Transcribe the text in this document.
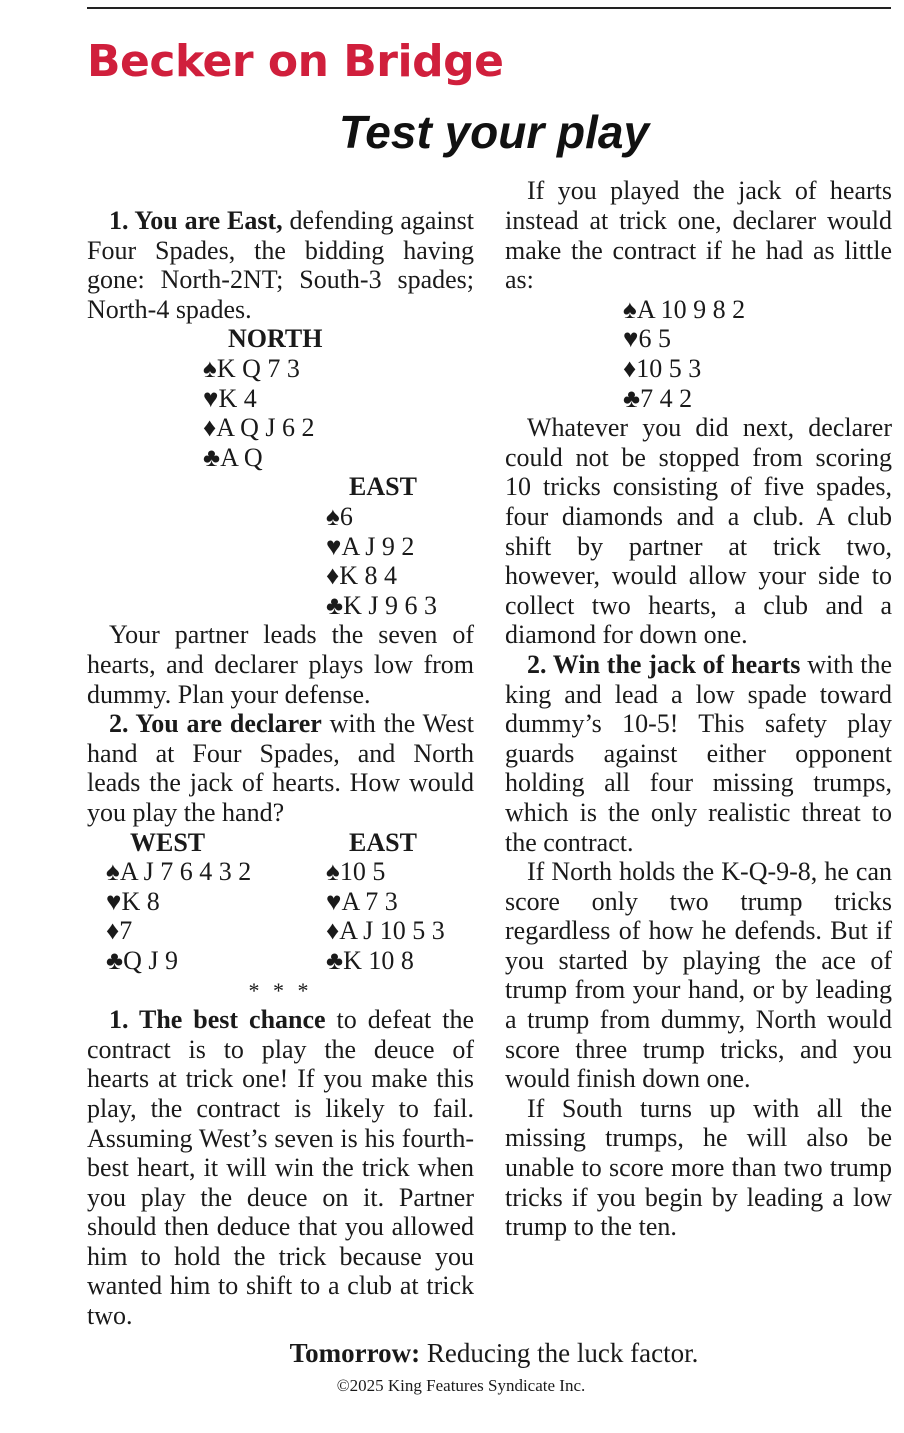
Becker on Bridge
Test your play

1. You are East, defending against Four Spades, the bidding having gone: North-2NT; South-3 spades; North-4 spades.

NORTH
♠K Q 7 3
♥K 4
♦A Q J 6 2
♣A Q
EAST
♠6
♥A J 9 2
♦K 8 4
♣K J 9 6 3

Your partner leads the seven of hearts, and declarer plays low from dummy. Plan your defense.

2. You are declarer with the West hand at Four Spades, and North leads the jack of hearts. How would you play the hand?

WEST
♠A J 7 6 4 3 2
♥K 8
♦7
♣Q J 9
EAST
♠10 5
♥A 7 3
♦A J 10 5 3
♣K 10 8
* * *

1. The best chance to defeat the contract is to play the deuce of hearts at trick one! If you make this play, the contract is likely to fail. Assuming West’s seven is his fourth-best heart, it will win the trick when you play the deuce on it. Partner should then deduce that you allowed him to hold the trick because you wanted him to shift to a club at trick two.

If you played the jack of hearts instead at trick one, declarer would make the contract if he had as little as:

♠A 10 9 8 2
♥6 5
♦10 5 3
♣7 4 2

Whatever you did next, declarer could not be stopped from scoring 10 tricks consisting of five spades, four diamonds and a club. A club shift by partner at trick two, however, would allow your side to collect two hearts, a club and a diamond for down one.

2. Win the jack of hearts with the king and lead a low spade toward dummy’s 10-5! This safety play guards against either opponent holding all four missing trumps, which is the only realistic threat to the contract.

If North holds the K-Q-9-8, he can score only two trump tricks regardless of how he defends. But if you started by playing the ace of trump from your hand, or by leading a trump from dummy, North would score three trump tricks, and you would finish down one.

If South turns up with all the missing trumps, he will also be unable to score more than two trump tricks if you begin by leading a low trump to the ten.

Tomorrow: Reducing the luck factor.
©2025 King Features Syndicate Inc.
